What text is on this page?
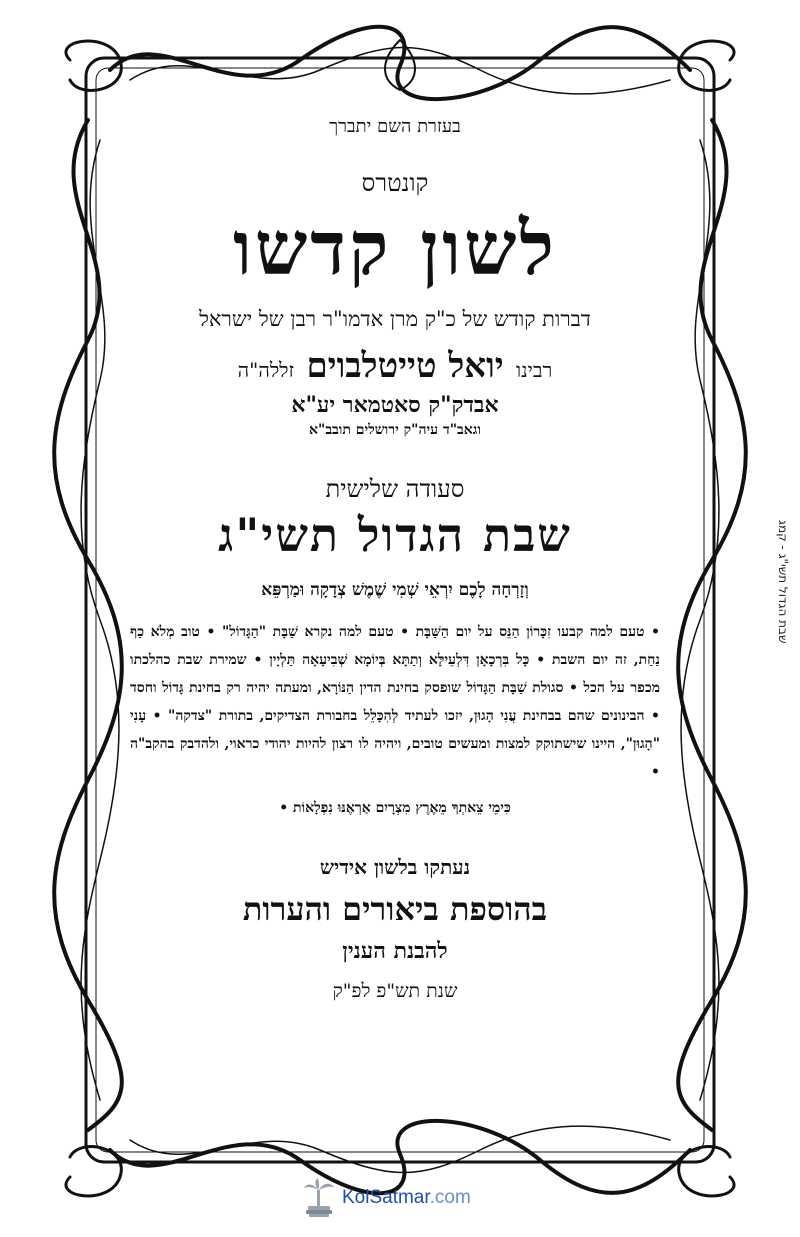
בעזרת השם יתברך
קונטרס
לשון קדשו
דברות קודש של כ"ק מרן אדמו"ר רבן של ישראל
רבינו יואל טייטלבוים זללה"ה
אבדק"ק סאטמאר יע"א
וגאב"ד עיה"ק ירושלים תובב"א
סעודה שלישית
שבת הגדול תשי"ג
וְזָרְחָה לָכֶם יִרְאֵי שְׁמִי שֶׁמֶשׁ צְדָקָה וּמַרְפֵּא

• טעם למה קבעו זִכָּרוֹן הַנֵּס על יום הַשַּׁבָּת • טעם למה נקרא שַׁבָּת "הַגָּדוֹל" • טוב מְלֹא כַף נַחַת, זה יום השבת • כָּל בִּרְכָאָן דִּלְעֵילָּא וְתַתָּא בְּיוֹמָא שְׁבִיעָאָה תַּלְיָין • שמירת שבת כהלכתו מכפר על הכל • סגולת שַׁבָּת הַגָּדוֹל שופסק בחינת הדין הַנּוֹרָא, ומעתה יהיה רק בחינת גָּדוֹל וחסד • הבינונים שהם בבחינת עֲנִי הָגוּן, יזכו לעתיד לְהִכָּלֵל בחבורת הצדיקים, בתורת "צדקה" • עָנִי "הָגוּן", היינו שישתוקק למצות ומעשים טובים, ויהיה לו רצון להיות יהודי כראוי, ולהדבק בהקב"ה •

כִּימֵי צֵאתְךָ מֵאֶרֶץ מִצְרָיִם אַרְאֶנּוּ נִפְלָאוֹת •
נעתקו בלשון אידיש
בהוספת ביאורים והערות
להבנת הענין
שנת תש"פ לפ"ק
שבת הגדול תשי"ג - קמג
KolSatmar.com
